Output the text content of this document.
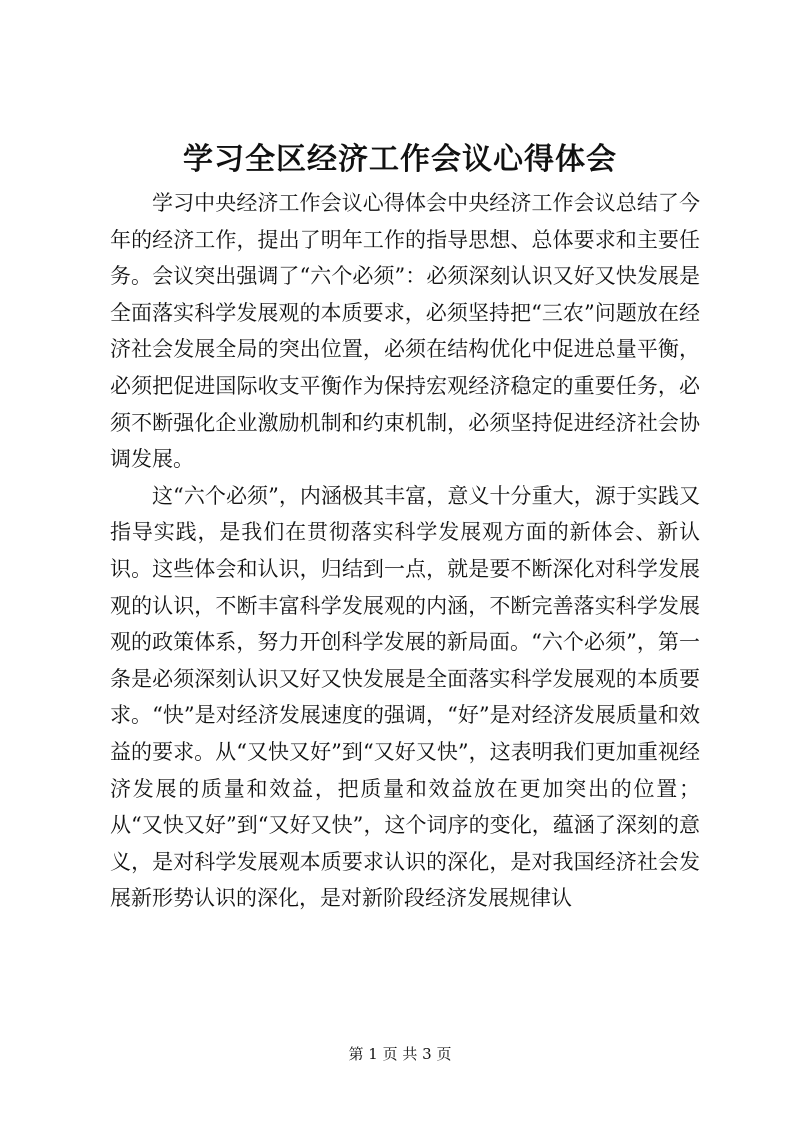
学习全区经济工作会议心得体会

学习中央经济工作会议心得体会中央经济工作会议总结了今年的经济工作，提出了明年工作的指导思想、总体要求和主要任务。会议突出强调了“六个必须”：必须深刻认识又好又快发展是全面落实科学发展观的本质要求，必须坚持把“三农”问题放在经济社会发展全局的突出位置，必须在结构优化中促进总量平衡，必须把促进国际收支平衡作为保持宏观经济稳定的重要任务，必须不断强化企业激励机制和约束机制，必须坚持促进经济社会协调发展。

这“六个必须”，内涵极其丰富，意义十分重大，源于实践又指导实践，是我们在贯彻落实科学发展观方面的新体会、新认识。这些体会和认识，归结到一点，就是要不断深化对科学发展观的认识，不断丰富科学发展观的内涵，不断完善落实科学发展观的政策体系，努力开创科学发展的新局面。“六个必须”，第一条是必须深刻认识又好又快发展是全面落实科学发展观的本质要求。“快”是对经济发展速度的强调，“好”是对经济发展质量和效益的要求。从“又快又好”到“又好又快”，这表明我们更加重视经济发展的质量和效益，把质量和效益放在更加突出的位置；从“又快又好”到“又好又快”，这个词序的变化，蕴涵了深刻的意义，是对科学发展观本质要求认识的深化，是对我国经济社会发展新形势认识的深化，是对新阶段经济发展规律认

第 1 页 共 3 页
